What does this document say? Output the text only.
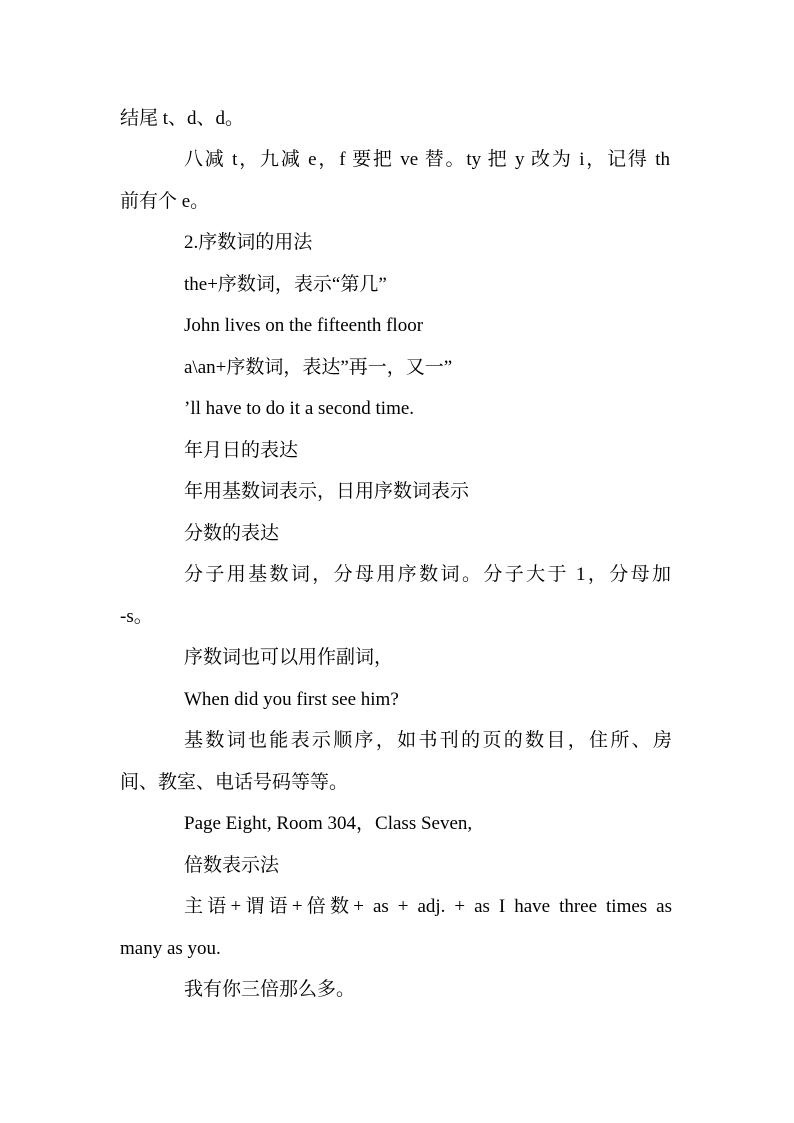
结尾 t、d、d。

八减 t，九减 e，f 要把 ve 替。ty 把 y 改为 i，记得 th

前有个 e。

2.序数词的用法

the+序数词，表示“第几”

John lives on the fifteenth floor

a\an+序数词，表达”再一，又一”

’ll have to do it a second time.

年月日的表达

年用基数词表示，日用序数词表示

分数的表达

分子用基数词，分母用序数词。分子大于 1，分母加

-s。

序数词也可以用作副词，

When did you first see him?

基数词也能表示顺序，如书刊的页的数目，住所、房

间、教室、电话号码等等。

Page Eight, Room 304，Class Seven,

倍数表示法

主语+谓语+倍数+ as + adj. + as I have three times as

many as you.

我有你三倍那么多。
